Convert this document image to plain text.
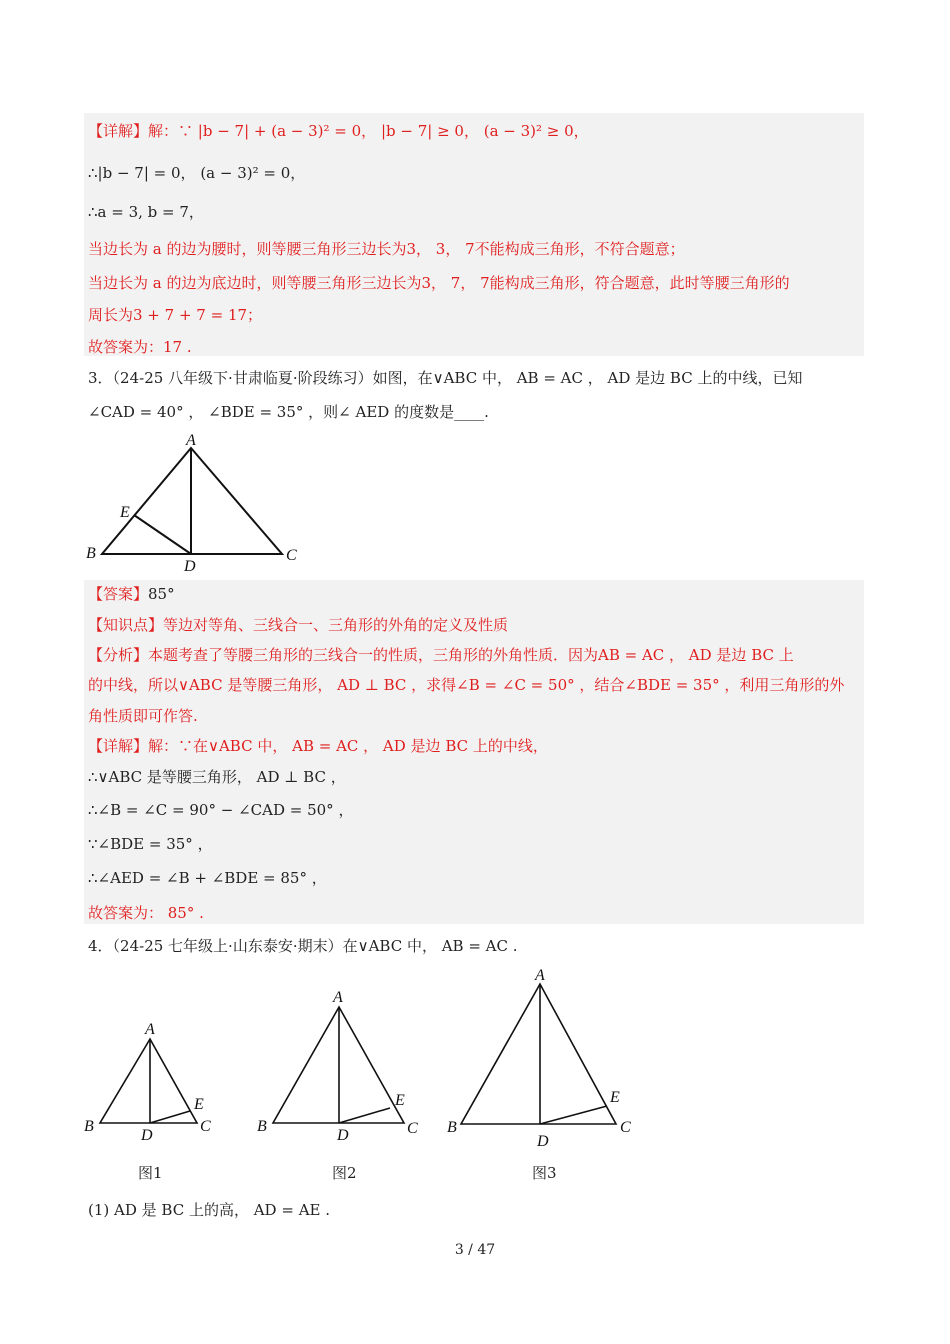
【详解】解：∵ |b − 7| + (a − 3)² = 0， |b − 7| ≥ 0， (a − 3)² ≥ 0，
∴|b − 7| = 0， (a − 3)² = 0，
∴a = 3, b = 7，
当边长为 a 的边为腰时，则等腰三角形三边长为3， 3， 7不能构成三角形，不符合题意；
当边长为 a 的边为底边时，则等腰三角形三边长为3， 7， 7能构成三角形，符合题意，此时等腰三角形的
周长为3 + 7 + 7 = 17；
故答案为：17 .
3．（24-25 八年级下·甘肃临夏·阶段练习）如图，在∨ABC 中， AB = AC ， AD 是边 BC 上的中线，已知
∠CAD = 40° ， ∠BDE = 35° ，则∠ AED 的度数是____.
A
B	C
D
E
【答案】85°
【知识点】等边对等角、三线合一、三角形的外角的定义及性质
【分析】本题考查了等腰三角形的三线合一的性质，三角形的外角性质．因为AB = AC ， AD 是边 BC 上
的中线，所以∨ABC 是等腰三角形， AD ⊥ BC ，求得∠B = ∠C = 50° ，结合∠BDE = 35° ，利用三角形的外
角性质即可作答.
【详解】解：∵在∨ABC 中， AB = AC ， AD 是边 BC 上的中线，
∴∨ABC 是等腰三角形， AD ⊥ BC ，
∴∠B = ∠C = 90° − ∠CAD = 50° ，
∵∠BDE = 35° ，
∴∠AED = ∠B + ∠BDE = 85° ，
故答案为： 85° .
4．（24-25 七年级上·山东泰安·期末）在∨ABC 中， AB = AC .
A
B	C
D
E
图1
A
B	C
D
E
图2
A
B	C
D
E
图3
(1) AD 是 BC 上的高， AD = AE .
3 / 47
